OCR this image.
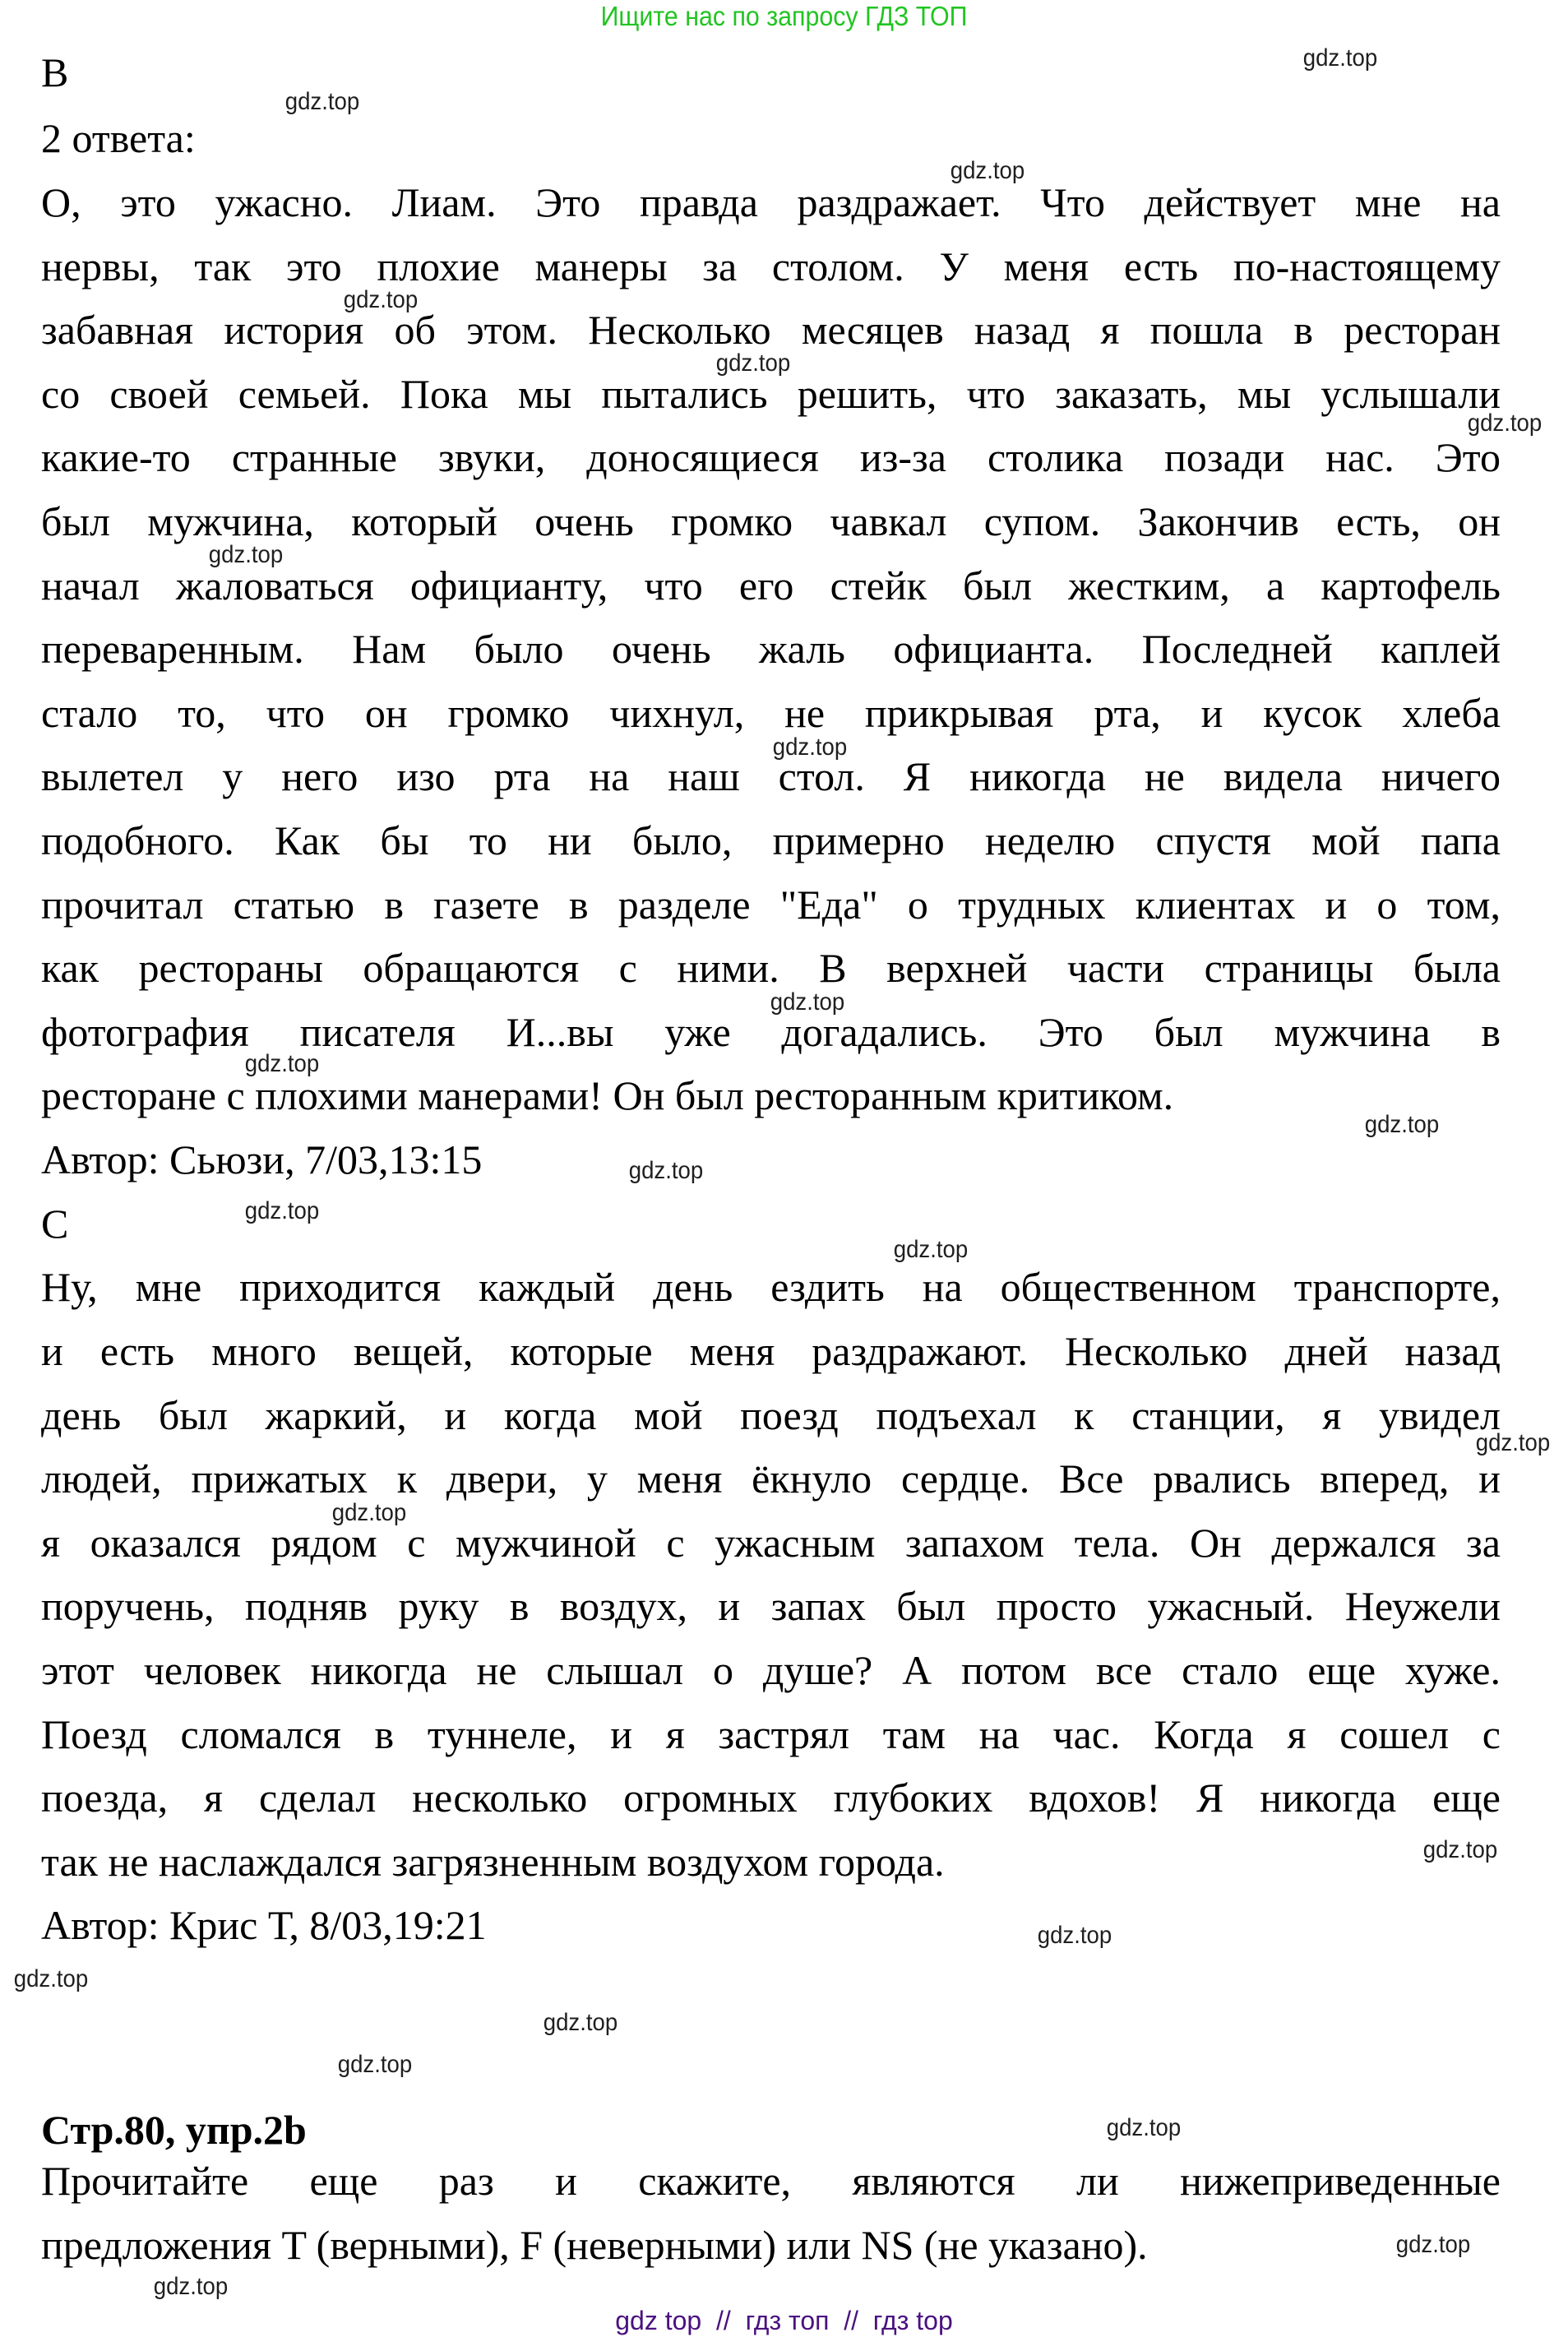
Ищите нас по запросу ГДЗ ТОП
B
2 ответа:
О, это ужасно. Лиам. Это правда раздражает. Что действует мне на
нервы, так это плохие манеры за столом. У меня есть по-настоящему
забавная история об этом. Несколько месяцев назад я пошла в ресторан
со своей семьей. Пока мы пытались решить, что заказать, мы услышали
какие-то странные звуки, доносящиеся из-за столика позади нас. Это
был мужчина, который очень громко чавкал супом. Закончив есть, он
начал жаловаться официанту, что его стейк был жестким, а картофель
переваренным. Нам было очень жаль официанта. Последней каплей
стало то, что он громко чихнул, не прикрывая рта, и кусок хлеба
вылетел у него изо рта на наш стол. Я никогда не видела ничего
подобного. Как бы то ни было, примерно неделю спустя мой папа
прочитал статью в газете в разделе "Еда" о трудных клиентах и о том,
как рестораны обращаются с ними. В верхней части страницы была
фотография писателя И...вы уже догадались. Это был мужчина в
ресторане с плохими манерами! Он был ресторанным критиком.
Автор: Сьюзи, 7/03,13:15
C
Ну, мне приходится каждый день ездить на общественном транспорте,
и есть много вещей, которые меня раздражают. Несколько дней назад
день был жаркий, и когда мой поезд подъехал к станции, я увидел
людей, прижатых к двери, у меня ёкнуло сердце. Все рвались вперед, и
я оказался рядом с мужчиной с ужасным запахом тела. Он держался за
поручень, подняв руку в воздух, и запах был просто ужасный. Неужели
этот человек никогда не слышал о душе? А потом все стало еще хуже.
Поезд сломался в туннеле, и я застрял там на час. Когда я сошел с
поезда, я сделал несколько огромных глубоких вдохов! Я никогда еще
так не наслаждался загрязненным воздухом города.
Автор: Крис Т, 8/03,19:21
Стр.80, упр.2b
Прочитайте еще раз и скажите, являются ли нижеприведенные
предложения T (верными), F (неверными) или NS (не указано).
gdz.top
gdz.top
gdz.top
gdz.top
gdz.top
gdz.top
gdz.top
gdz.top
gdz.top
gdz.top
gdz.top
gdz.top
gdz.top
gdz.top
gdz.top
gdz.top
gdz.top
gdz.top
gdz.top
gdz.top
gdz.top
gdz.top
gdz.top
gdz.top
gdz top  //  гдз топ  //  гдз top
